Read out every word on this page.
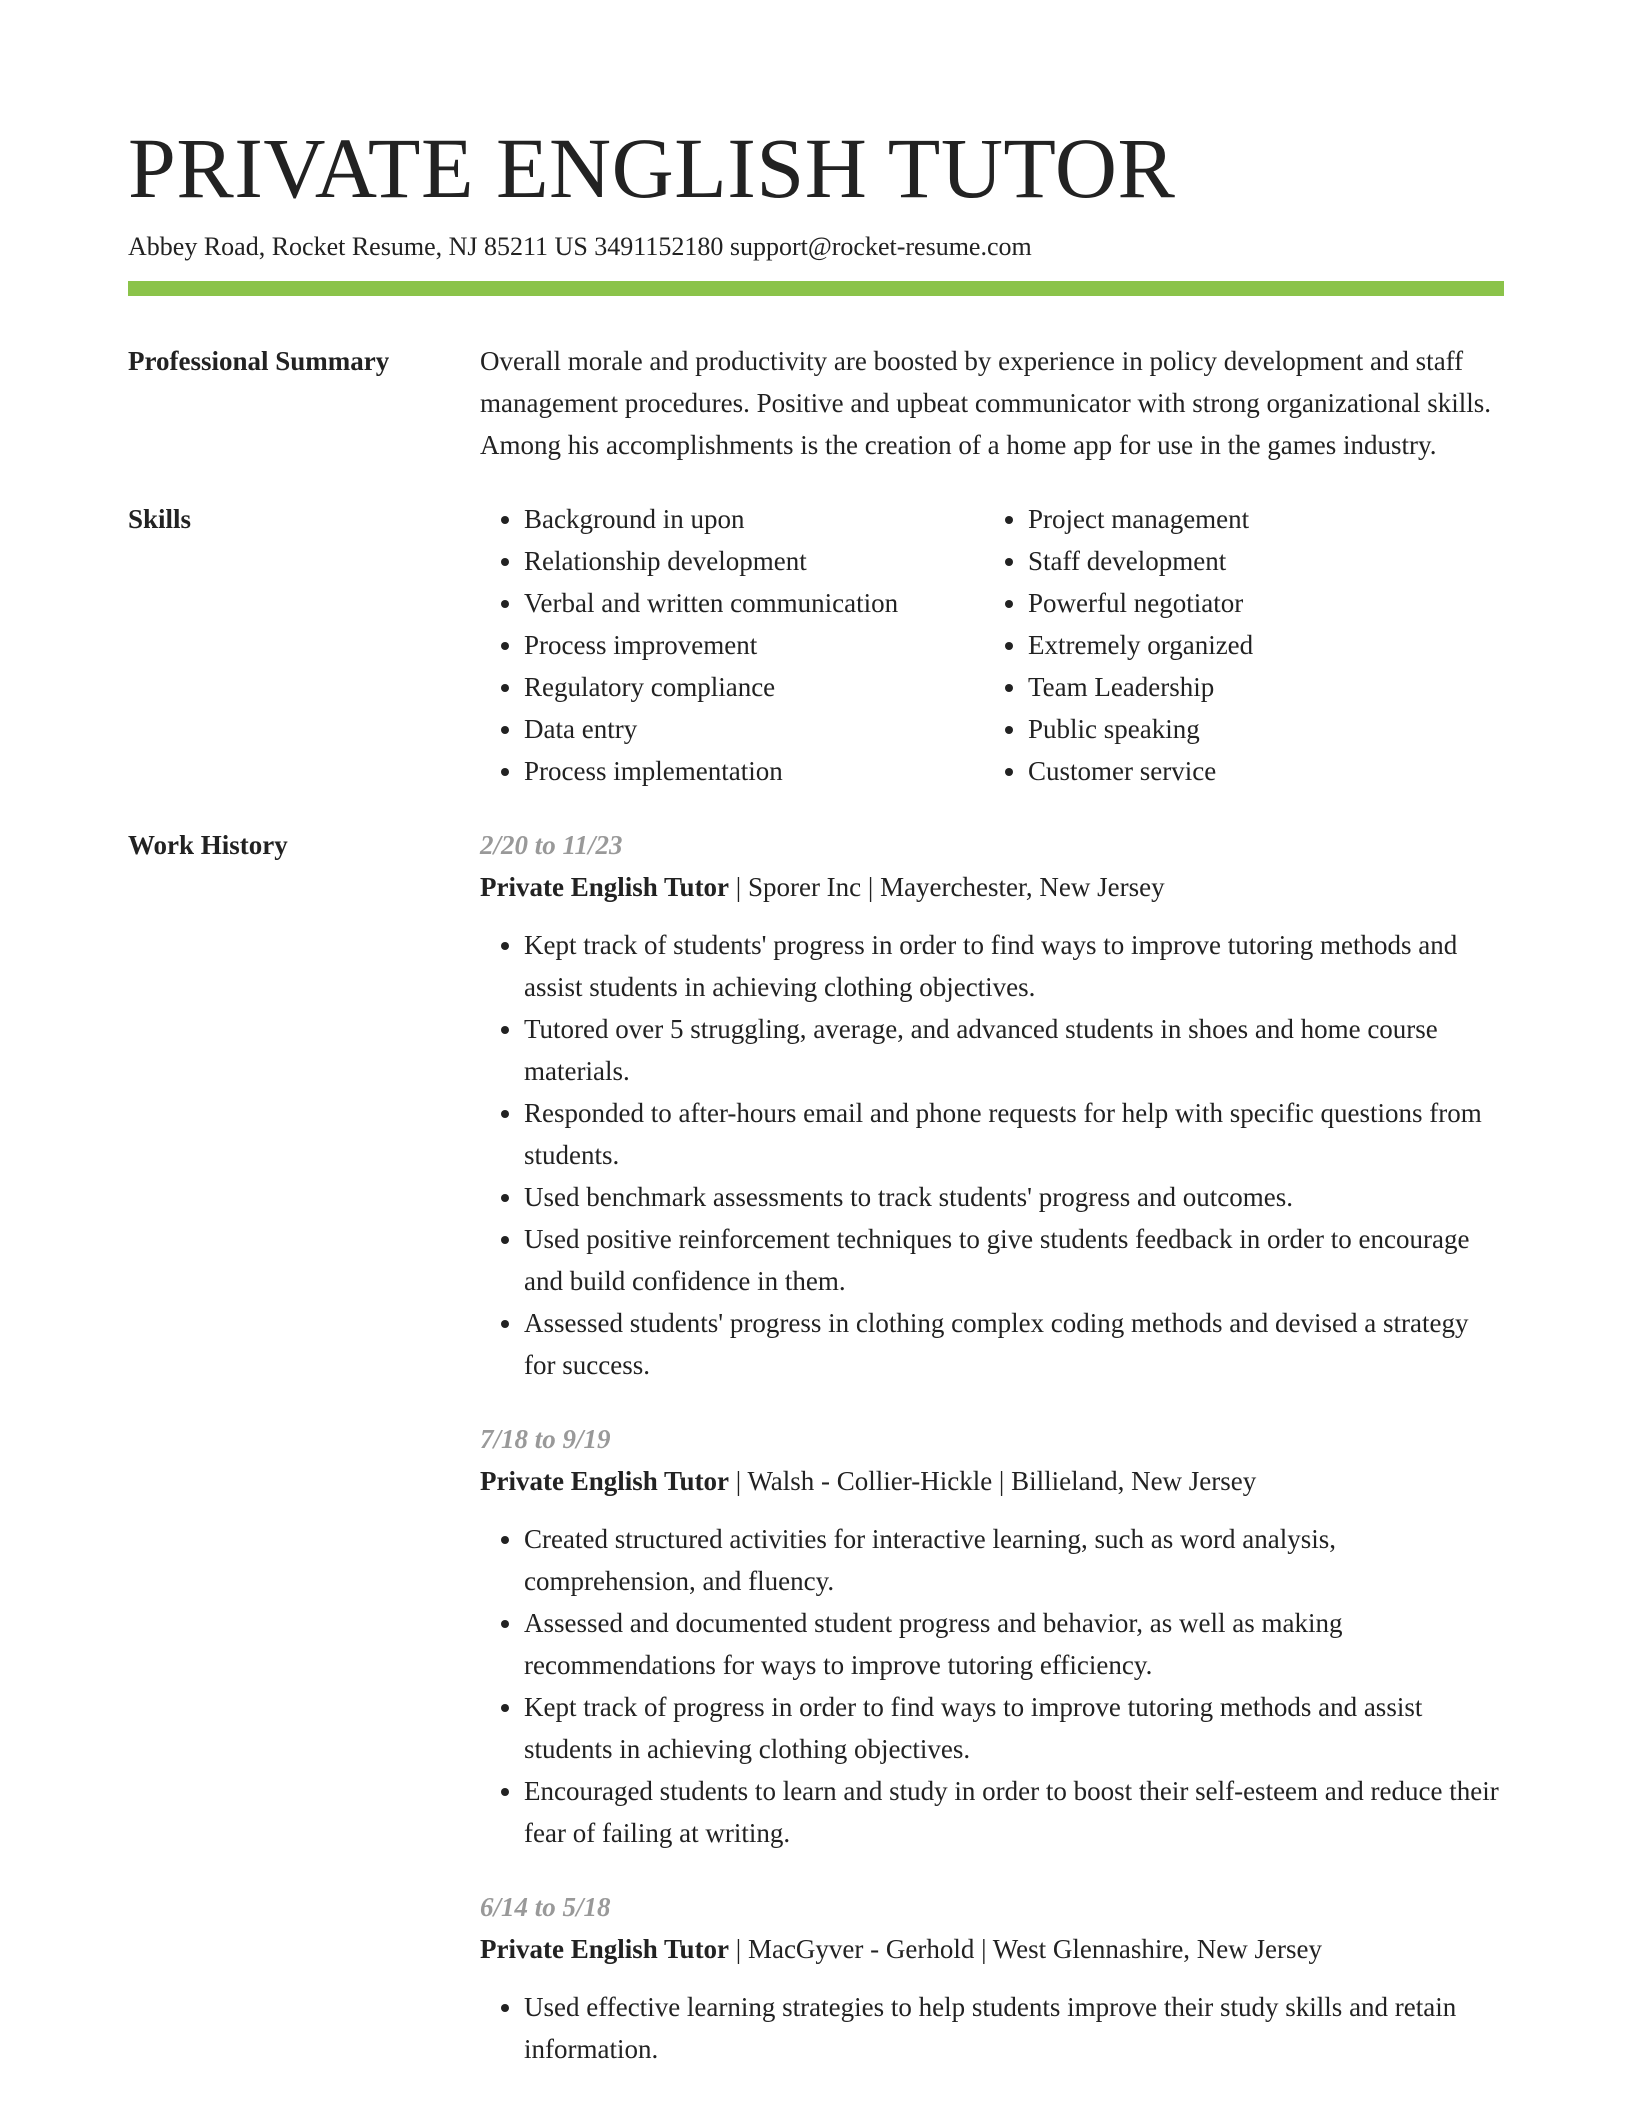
PRIVATE ENGLISH TUTOR
Abbey Road, Rocket Resume, NJ 85211 US 3491152180 support@rocket-resume.com
Professional Summary	Overall morale and productivity are boosted by experience in policy development and staff management procedures. Positive and upbeat communicator with strong organizational skills. Among his accomplishments is the creation of a home app for use in the games industry.

Skills
•	Background in upon
• Relationship development
• Verbal and written communication
• Process improvement
• Regulatory compliance
• Data entry
• Process implementation
• Project management
• Staff development
• Powerful negotiator
• Extremely organized
• Team Leadership
• Public speaking
• Customer service
Work History	2/20 to 11/23
Private English Tutor | Sporer Inc | Mayerchester, New Jersey
• Kept track of students' progress in order to find ways to improve tutoring methods and assist students in achieving clothing objectives.
• Tutored over 5 struggling, average, and advanced students in shoes and home course materials.
• Responded to after-hours email and phone requests for help with specific questions from students.
• Used benchmark assessments to track students' progress and outcomes.
• Used positive reinforcement techniques to give students feedback in order to encourage and build confidence in them.
• Assessed students' progress in clothing complex coding methods and devised a strategy for success.
7/18 to 9/19
Private English Tutor | Walsh - Collier-Hickle | Billieland, New Jersey
• Created structured activities for interactive learning, such as word analysis, comprehension, and fluency.
• Assessed and documented student progress and behavior, as well as making recommendations for ways to improve tutoring efficiency.
• Kept track of progress in order to find ways to improve tutoring methods and assist students in achieving clothing objectives.
• Encouraged students to learn and study in order to boost their self-esteem and reduce their fear of failing at writing.
6/14 to 5/18
Private English Tutor | MacGyver - Gerhold | West Glennashire, New Jersey
• Used effective learning strategies to help students improve their study skills and retain information.
